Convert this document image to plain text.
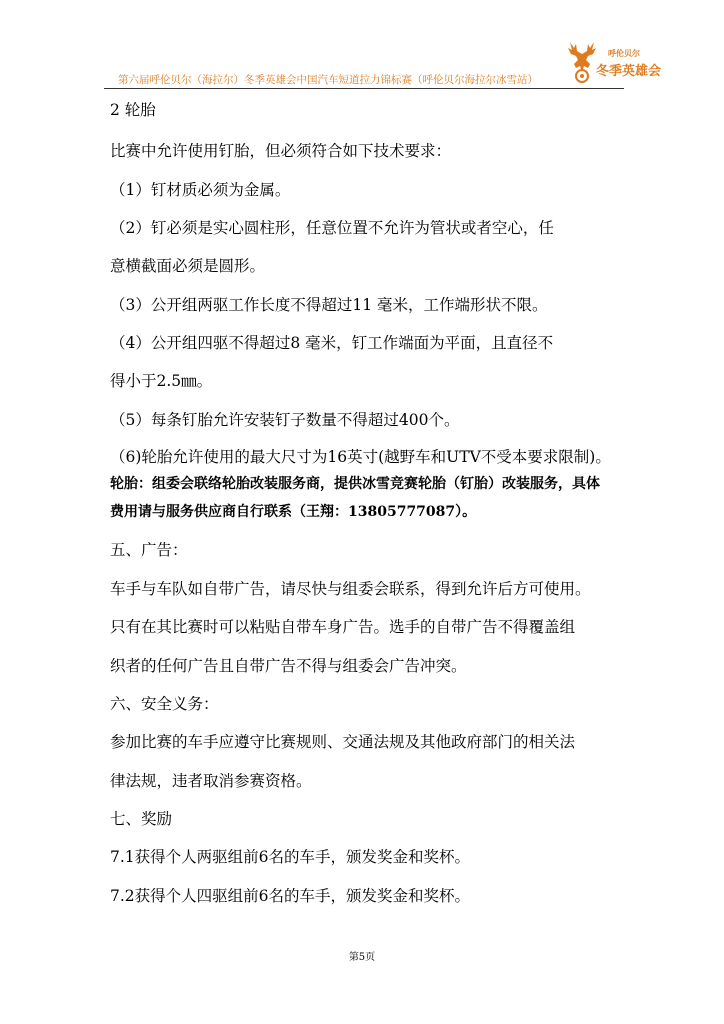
第六届呼伦贝尔（海拉尔）冬季英雄会中国汽车短道拉力锦标赛（呼伦贝尔海拉尔冰雪站）
呼伦贝尔
冬季英雄会
2 轮胎
比赛中允许使用钉胎，但必须符合如下技术要求：
（1）钉材质必须为金属。
（2）钉必须是实心圆柱形，任意位置不允许为管状或者空心，任
意横截面必须是圆形。
（3）公开组两驱工作长度不得超过11 毫米，工作端形状不限。
（4）公开组四驱不得超过8 毫米，钉工作端面为平面，且直径不
得小于2.5㎜。
（5）每条钉胎允许安装钉子数量不得超过400个。
（6)轮胎允许使用的最大尺寸为16英寸(越野车和UTV不受本要求限制)。
轮胎：组委会联络轮胎改装服务商，提供冰雪竞赛轮胎（钉胎）改装服务，具体
费用请与服务供应商自行联系（王翔：13805777087）。
五、广告：
车手与车队如自带广告，请尽快与组委会联系，得到允许后方可使用。
只有在其比赛时可以粘贴自带车身广告。选手的自带广告不得覆盖组
织者的任何广告且自带广告不得与组委会广告冲突。
六、安全义务：
参加比赛的车手应遵守比赛规则、交通法规及其他政府部门的相关法
律法规，违者取消参赛资格。
七、奖励
7.1获得个人两驱组前6名的车手，颁发奖金和奖杯。
7.2获得个人四驱组前6名的车手，颁发奖金和奖杯。
第5页
